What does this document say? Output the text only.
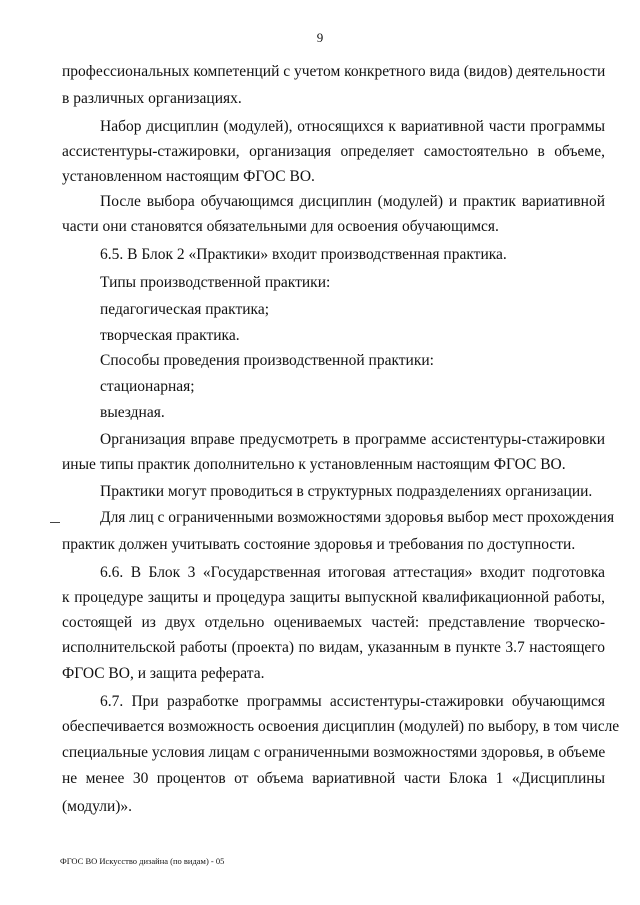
9
профессиональных компетенций с учетом конкретного вида (видов) деятельности
в различных организациях.
Набор дисциплин (модулей), относящихся к вариативной части программы
ассистентуры-стажировки, организация определяет самостоятельно в объеме,
установленном настоящим ФГОС ВО.
После выбора обучающимся дисциплин (модулей) и практик вариативной
части они становятся обязательными для освоения обучающимся.
6.5. В Блок 2 «Практики» входит производственная практика.
Типы производственной практики:
педагогическая практика;
творческая практика.
Способы проведения производственной практики:
стационарная;
выездная.
Организация вправе предусмотреть в программе ассистентуры-стажировки
иные типы практик дополнительно к установленным настоящим ФГОС ВО.
Практики могут проводиться в структурных подразделениях организации.
Для лиц с ограниченными возможностями здоровья выбор мест прохождения
практик должен учитывать состояние здоровья и требования по доступности.
6.6. В Блок 3 «Государственная итоговая аттестация» входит подготовка
к процедуре защиты и процедура защиты выпускной квалификационной работы,
состоящей из двух отдельно оцениваемых частей: представление творческо-
исполнительской работы (проекта) по видам, указанным в пункте 3.7 настоящего
ФГОС ВО, и защита реферата.
6.7. При разработке программы ассистентуры-стажировки обучающимся
обеспечивается возможность освоения дисциплин (модулей) по выбору, в том числе
специальные условия лицам с ограниченными возможностями здоровья, в объеме
не менее 30 процентов от объема вариативной части Блока 1 «Дисциплины
(модули)».
ФГОС ВО Искусство дизайна (по видам) - 05
